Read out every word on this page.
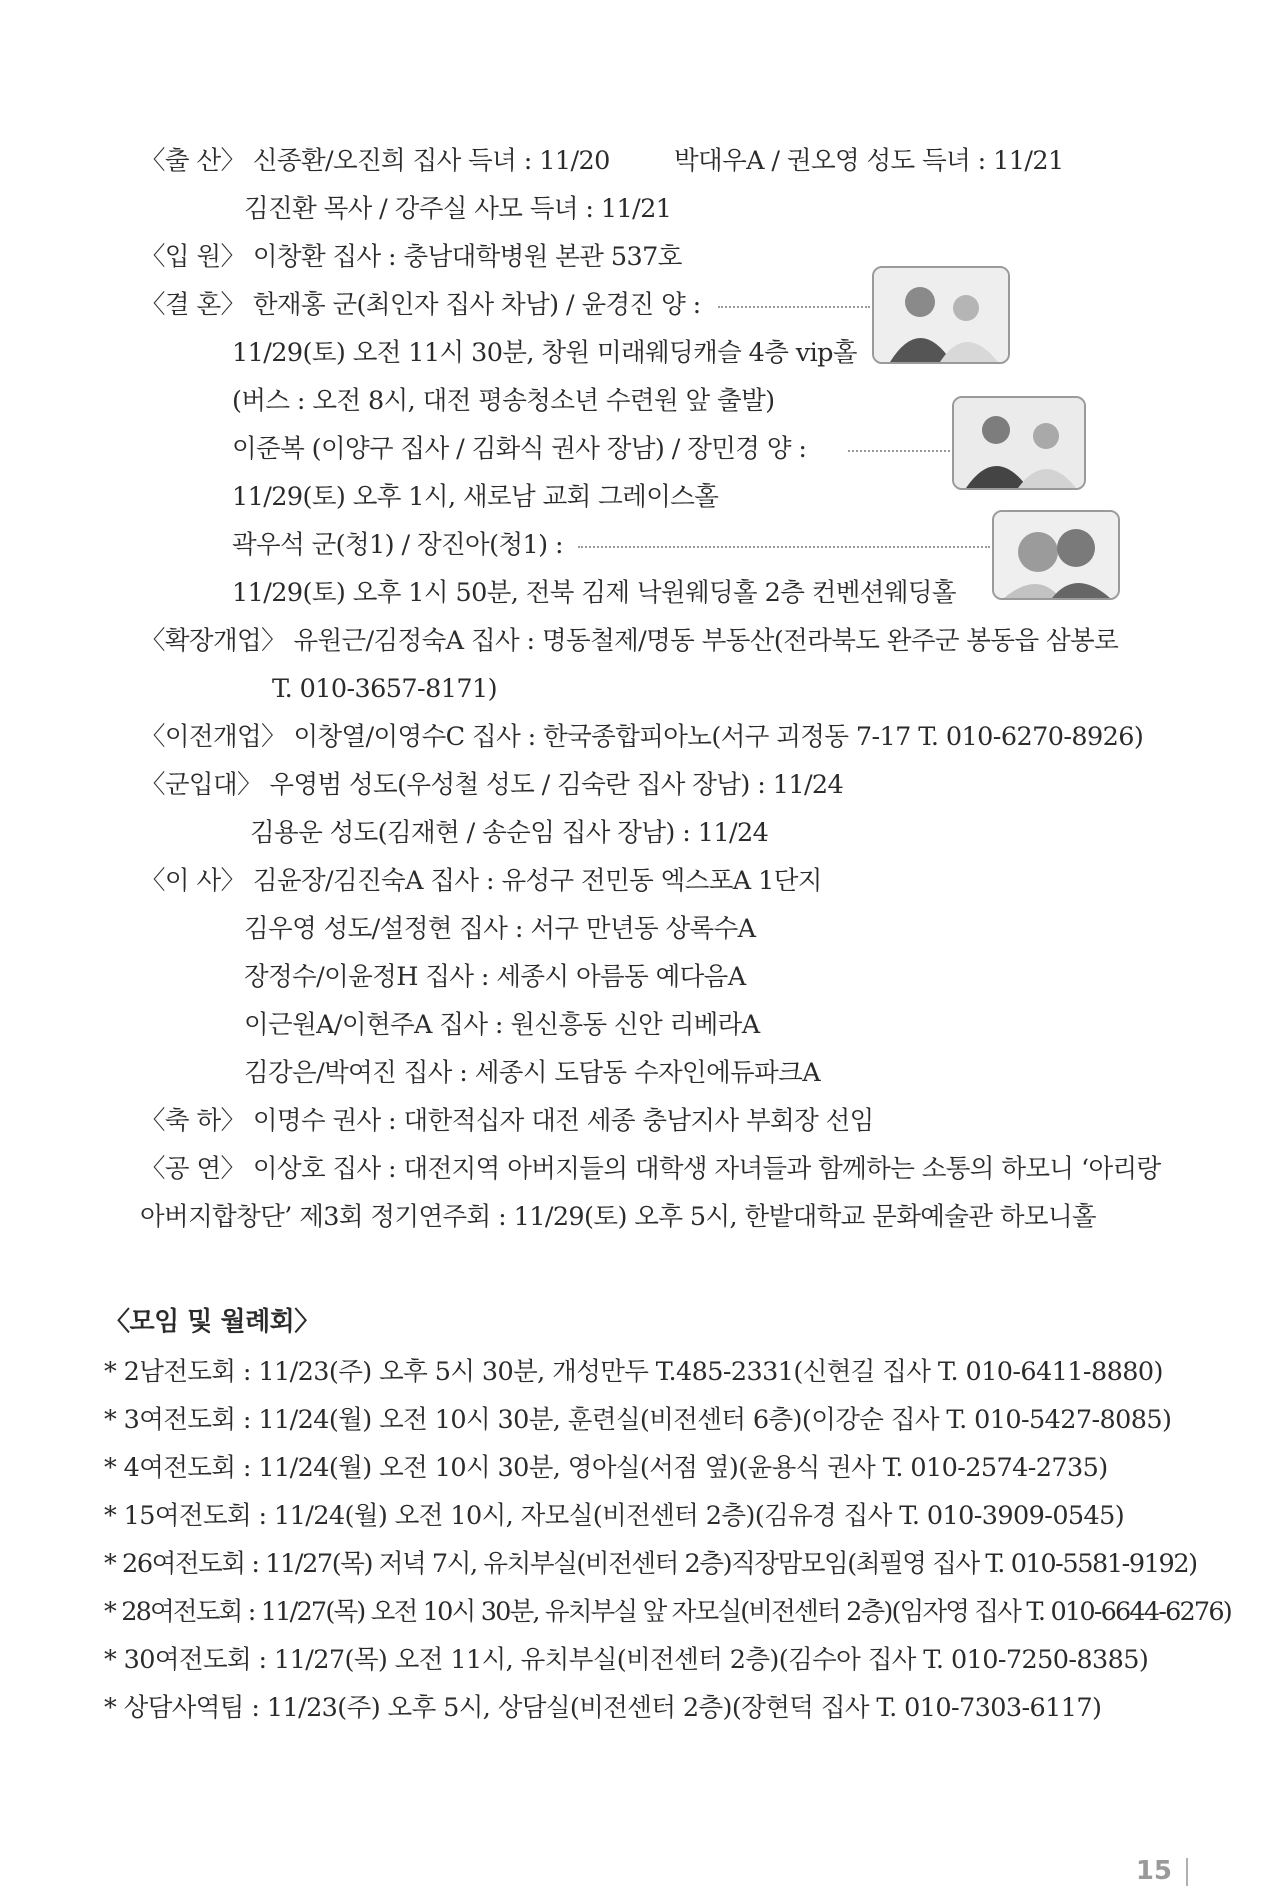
〈출 산〉 신종환/오진희 집사 득녀 : 11/20	박대우A / 권오영 성도 득녀 : 11/21
김진환 목사 / 강주실 사모 득녀 : 11/21
〈입 원〉 이창환 집사 : 충남대학병원 본관 537호
〈결 혼〉 한재홍 군(최인자 집사 차남) / 윤경진 양 :
11/29(토) 오전 11시 30분, 창원 미래웨딩캐슬 4층 vip홀
(버스 : 오전 8시, 대전 평송청소년 수련원 앞 출발)
이준복 (이양구 집사 / 김화식 권사 장남) / 장민경 양 :
11/29(토) 오후 1시, 새로남 교회 그레이스홀
곽우석 군(청1) / 장진아(청1) :
11/29(토) 오후 1시 50분, 전북 김제 낙원웨딩홀 2층 컨벤션웨딩홀
〈확장개업〉 유원근/김정숙A 집사 : 명동철제/명동 부동산(전라북도 완주군 봉동읍 삼봉로
T. 010-3657-8171)
〈이전개업〉 이창열/이영수C 집사 : 한국종합피아노(서구 괴정동 7-17 T. 010-6270-8926)
〈군입대〉 우영범 성도(우성철 성도 / 김숙란 집사 장남) : 11/24
김용운 성도(김재현 / 송순임 집사 장남) : 11/24
〈이 사〉 김윤장/김진숙A 집사 : 유성구 전민동 엑스포A 1단지
김우영 성도/설정현 집사 : 서구 만년동 상록수A
장정수/이윤정H 집사 : 세종시 아름동 예다음A
이근원A/이현주A 집사 : 원신흥동 신안 리베라A
김강은/박여진 집사 : 세종시 도담동 수자인에듀파크A
〈축 하〉 이명수 권사 : 대한적십자 대전 세종 충남지사 부회장 선임
〈공 연〉 이상호 집사 : 대전지역 아버지들의 대학생 자녀들과 함께하는 소통의 하모니 ‘아리랑
아버지합창단’ 제3회 정기연주회 : 11/29(토) 오후 5시, 한밭대학교 문화예술관 하모니홀
〈모임 및 월례회〉
* 2남전도회 : 11/23(주) 오후 5시 30분, 개성만두 T.485-2331(신현길 집사 T. 010-6411-8880)
* 3여전도회 : 11/24(월) 오전 10시 30분, 훈련실(비전센터 6층)(이강순 집사 T. 010-5427-8085)
* 4여전도회 : 11/24(월) 오전 10시 30분, 영아실(서점 옆)(윤용식 권사 T. 010-2574-2735)
* 15여전도회 : 11/24(월) 오전 10시, 자모실(비전센터 2층)(김유경 집사 T. 010-3909-0545)
* 26여전도회 : 11/27(목) 저녁 7시, 유치부실(비전센터 2층)직장맘모임(최필영 집사 T. 010-5581-9192)
* 28여전도회 : 11/27(목) 오전 10시 30분, 유치부실 앞 자모실(비전센터 2층)(임자영 집사 T. 010-6644-6276)
* 30여전도회 : 11/27(목) 오전 11시, 유치부실(비전센터 2층)(김수아 집사 T. 010-7250-8385)
* 상담사역팀 : 11/23(주) 오후 5시, 상담실(비전센터 2층)(장현덕 집사 T. 010-7303-6117)
15
